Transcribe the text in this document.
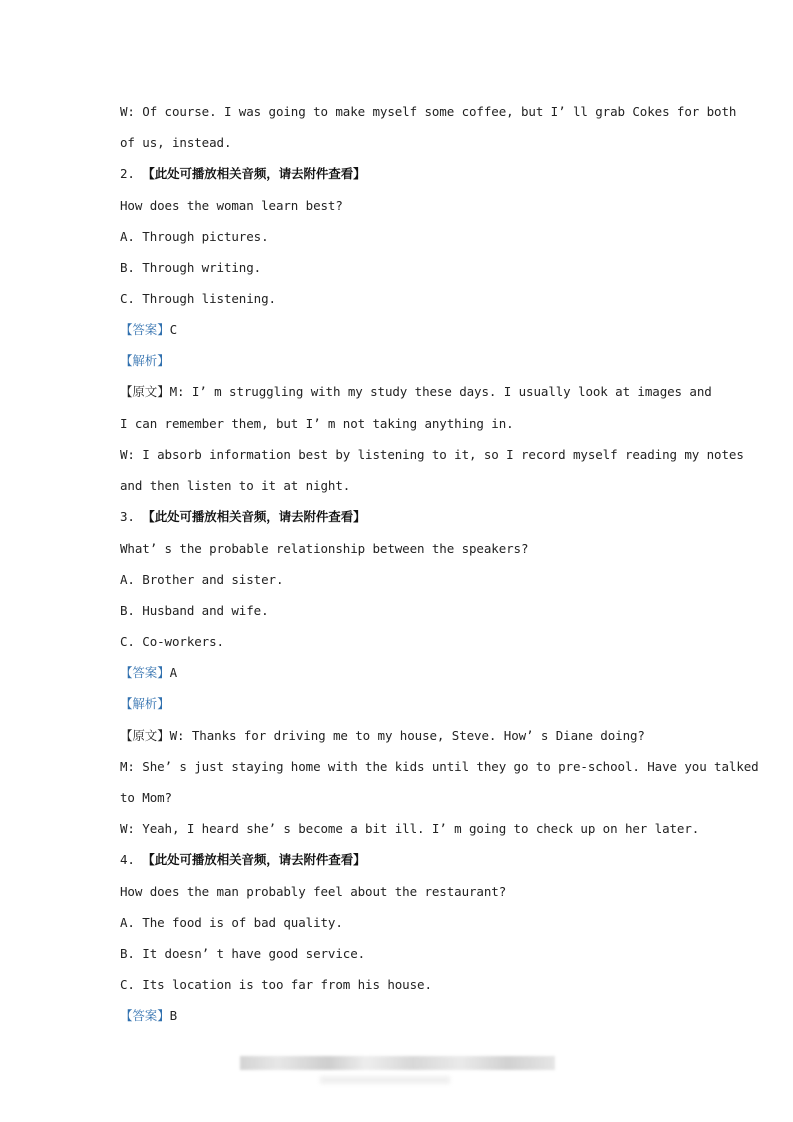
W: Of course. I was going to make myself some coffee, but I’ ll grab Cokes for both
of us, instead.
2. 【此处可播放相关音频，请去附件查看】
How does the woman learn best?
A. Through pictures.
B. Through writing.
C. Through listening.
【答案】C
【解析】
【原文】M: I’ m struggling with my study these days. I usually look at images and
I can remember them, but I’ m not taking anything in.
W: I absorb information best by listening to it, so I record myself reading my notes
and then listen to it at night.
3. 【此处可播放相关音频，请去附件查看】
What’ s the probable relationship between the speakers?
A. Brother and sister.
B. Husband and wife.
C. Co-workers.
【答案】A
【解析】
【原文】W: Thanks for driving me to my house, Steve. How’ s Diane doing?
M: She’ s just staying home with the kids until they go to pre-school. Have you talked
to Mom?
W: Yeah, I heard she’ s become a bit ill. I’ m going to check up on her later.
4. 【此处可播放相关音频，请去附件查看】
How does the man probably feel about the restaurant?
A. The food is of bad quality.
B. It doesn’ t have good service.
C. Its location is too far from his house.
【答案】B
